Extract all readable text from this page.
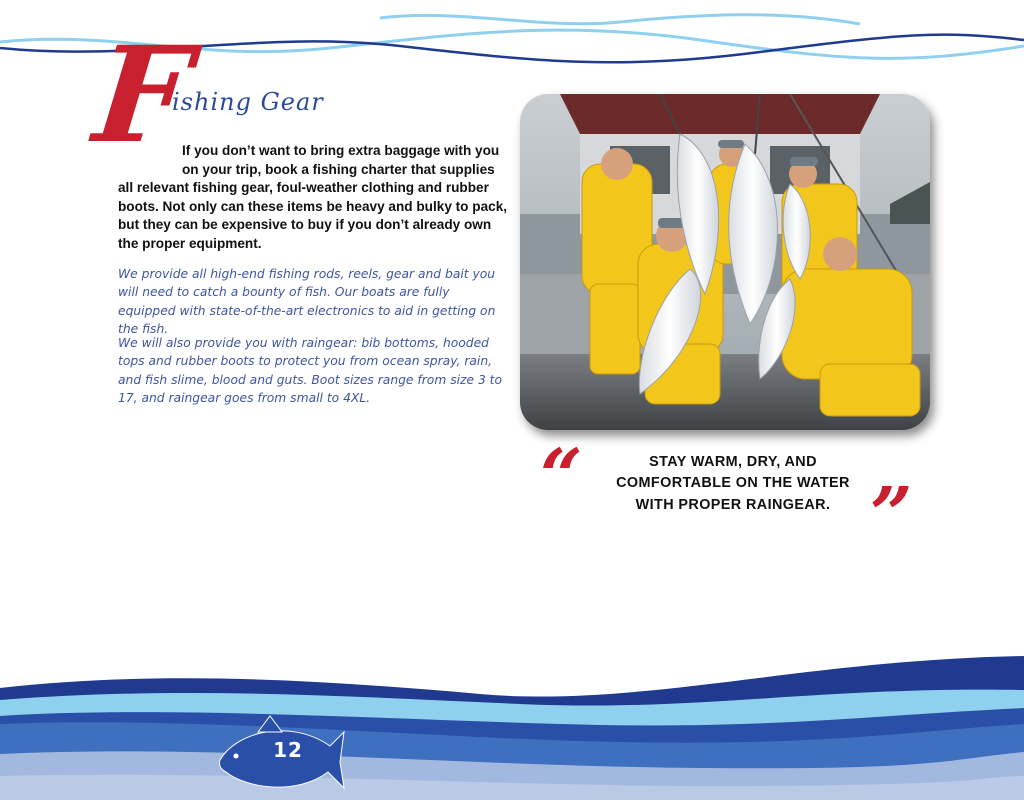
F
ishing Gear
If you don’t want to bring extra baggage with you on your trip, book a fishing charter that supplies all relevant fishing gear, foul-weather clothing and rubber boots. Not only can these items be heavy and bulky to pack, but they can be expensive to buy if you don’t already own the proper equipment.

We provide all high-end fishing rods, reels, gear and bait you will need to catch a bounty of fish. Our boats are fully equipped with state-of-the-art electronics to aid in getting on the fish.

We will also provide you with raingear: bib bottoms, hooded tops and rubber boots to protect you from ocean spray, rain, and fish slime, blood and guts. Boot sizes range from size 3 to 17, and raingear goes from small to 4XL.

“	STAY WARM, DRY, AND COMFORTABLE ON THE WATER WITH PROPER RAINGEAR. ”
12
